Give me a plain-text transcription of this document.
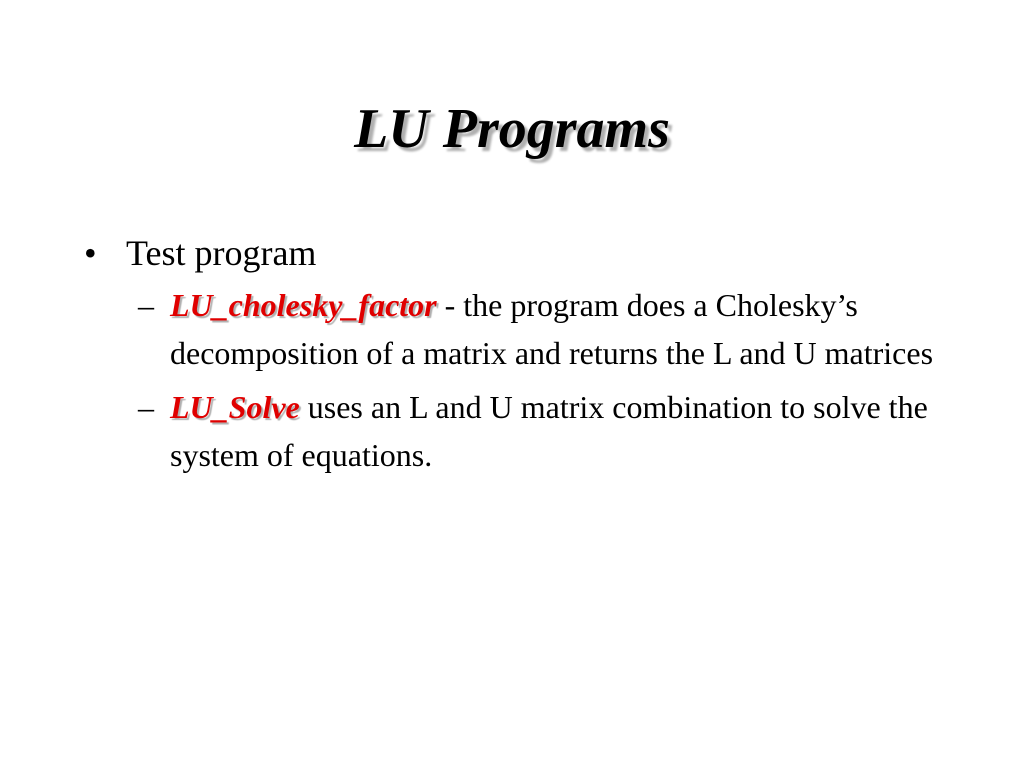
LU Programs
• Test program
– LU_cholesky_factor - the program does a Cholesky’s decomposition of a matrix and returns the L and U matrices
– LU_Solve uses an L and U matrix combination to solve the system of equations.
